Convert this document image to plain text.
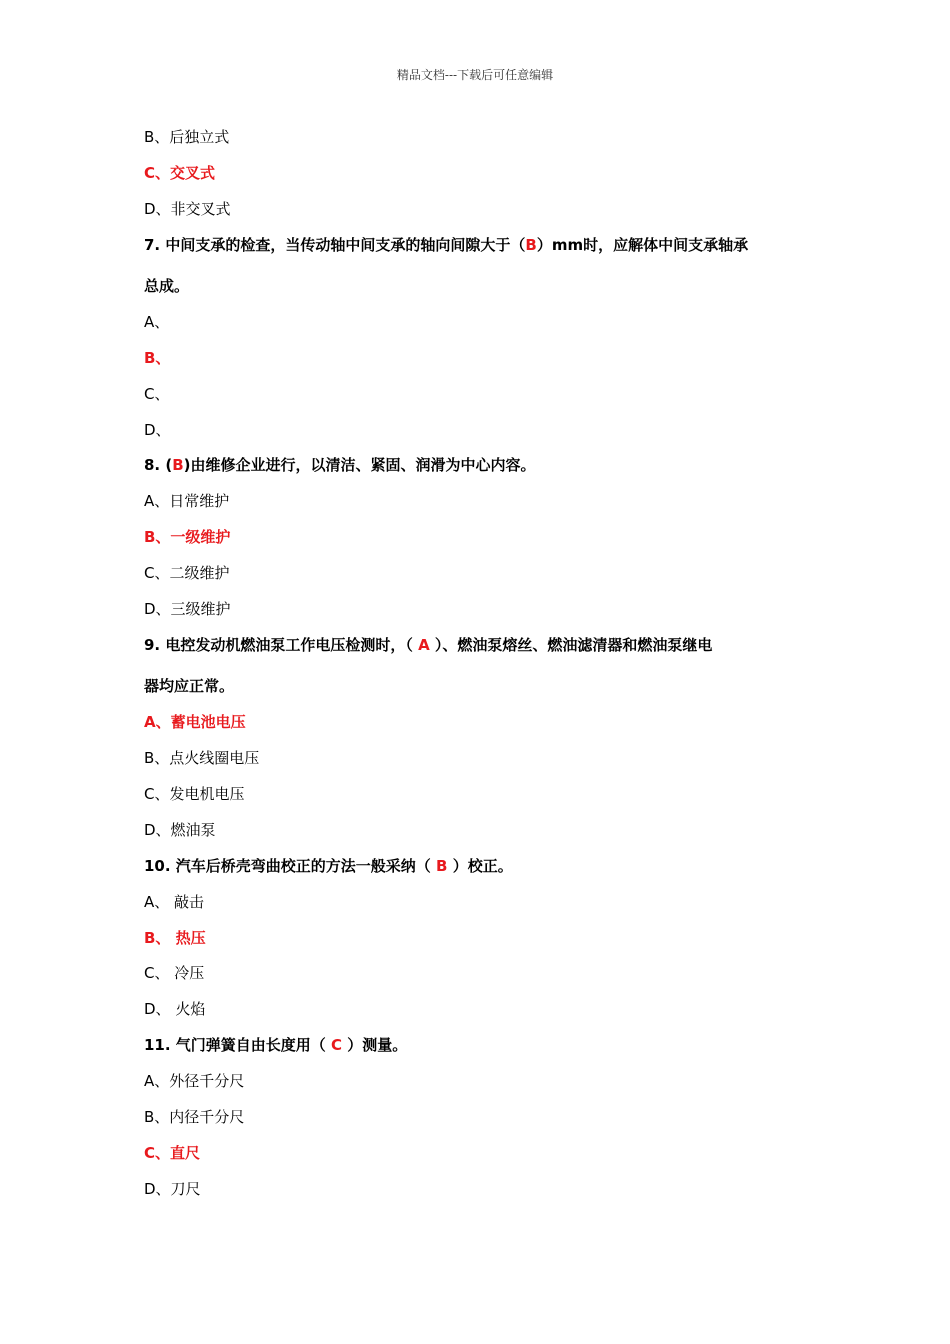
精品文档---下载后可任意编辑
B、后独立式
C、交叉式
D、非交叉式
7. 中间支承的检查，当传动轴中间支承的轴向间隙大于（B）mm时，应解体中间支承轴承
总成。
A、
B、
C、
D、
8. (B)由维修企业进行，以清洁、紧固、润滑为中心内容。
A、日常维护
B、一级维护
C、二级维护
D、三级维护
9. 电控发动机燃油泵工作电压检测时，（ A ）、燃油泵熔丝、燃油滤清器和燃油泵继电
器均应正常。
A、蓄电池电压
B、点火线圈电压
C、发电机电压
D、燃油泵
10. 汽车后桥壳弯曲校正的方法一般采纳（ B ）校正。
A、 敲击
B、 热压
C、 冷压
D、 火焰
11. 气门弹簧自由长度用（ C ）测量。
A、外径千分尺
B、内径千分尺
C、直尺
D、刀尺
